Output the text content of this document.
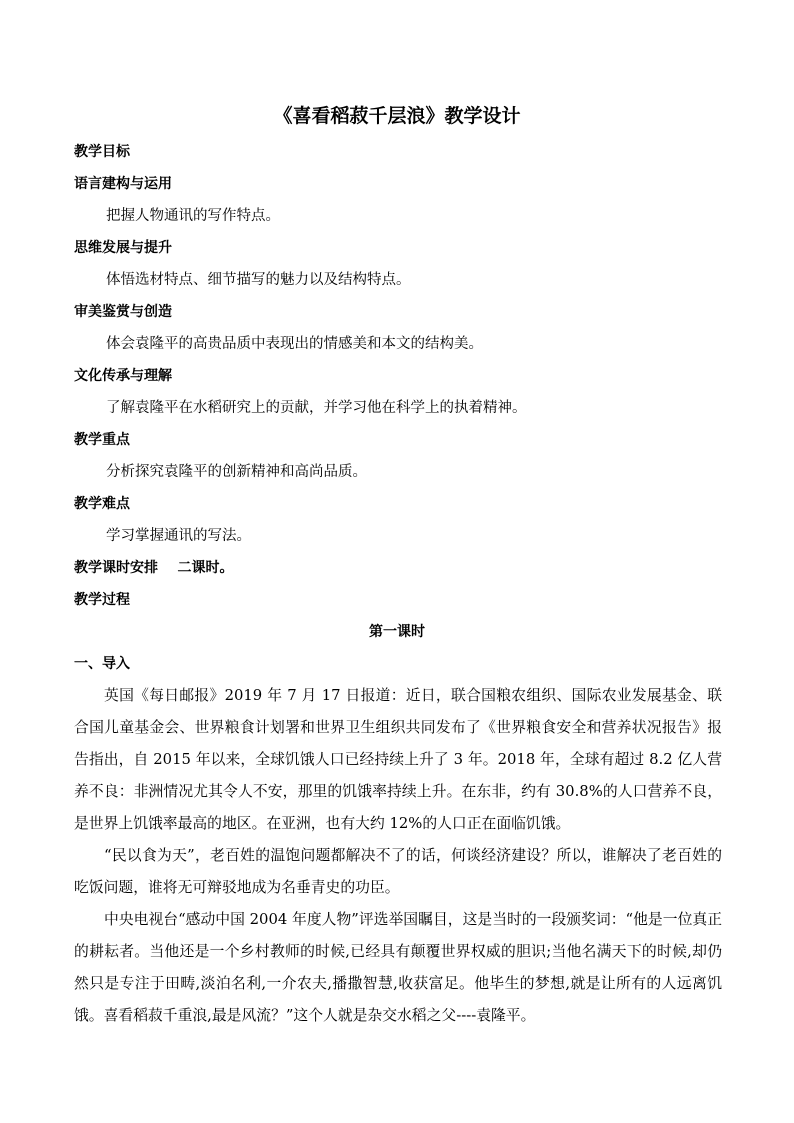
《喜看稻菽千层浪》教学设计
教学目标
语言建构与运用
把握人物通讯的写作特点。
思维发展与提升
体悟选材特点、细节描写的魅力以及结构特点。
审美鉴赏与创造
体会袁隆平的高贵品质中表现出的情感美和本文的结构美。
文化传承与理解
了解袁隆平在水稻研究上的贡献，并学习他在科学上的执着精神。
教学重点
分析探究袁隆平的创新精神和高尚品质。
教学难点
学习掌握通讯的写法。
教学课时安排    二课时。
教学过程
第一课时
一、导入

英国《每日邮报》2019 年 7 月 17 日报道：近日，联合国粮农组织、国际农业发展基金、联合国儿童基金会、世界粮食计划署和世界卫生组织共同发布了《世界粮食安全和营养状况报告》报告指出，自 2015 年以来，全球饥饿人口已经持续上升了 3 年。2018 年，全球有超过 8.2 亿人营养不良：非洲情况尤其令人不安，那里的饥饿率持续上升。在东非，约有 30.8%的人口营养不良，是世界上饥饿率最高的地区。在亚洲，也有大约 12%的人口正在面临饥饿。

“民以食为天”，老百姓的温饱问题都解决不了的话，何谈经济建设？所以，谁解决了老百姓的吃饭问题，谁将无可辩驳地成为名垂青史的功臣。

中央电视台“感动中国 2004 年度人物”评选举国瞩目，这是当时的一段颁奖词：“他是一位真正的耕耘者。当他还是一个乡村教师的时候,已经具有颠覆世界权威的胆识;当他名满天下的时候,却仍然只是专注于田畴,淡泊名利,一介农夫,播撒智慧,收获富足。他毕生的梦想,就是让所有的人远离饥饿。喜看稻菽千重浪,最是风流？”这个人就是杂交水稻之父----袁隆平。
